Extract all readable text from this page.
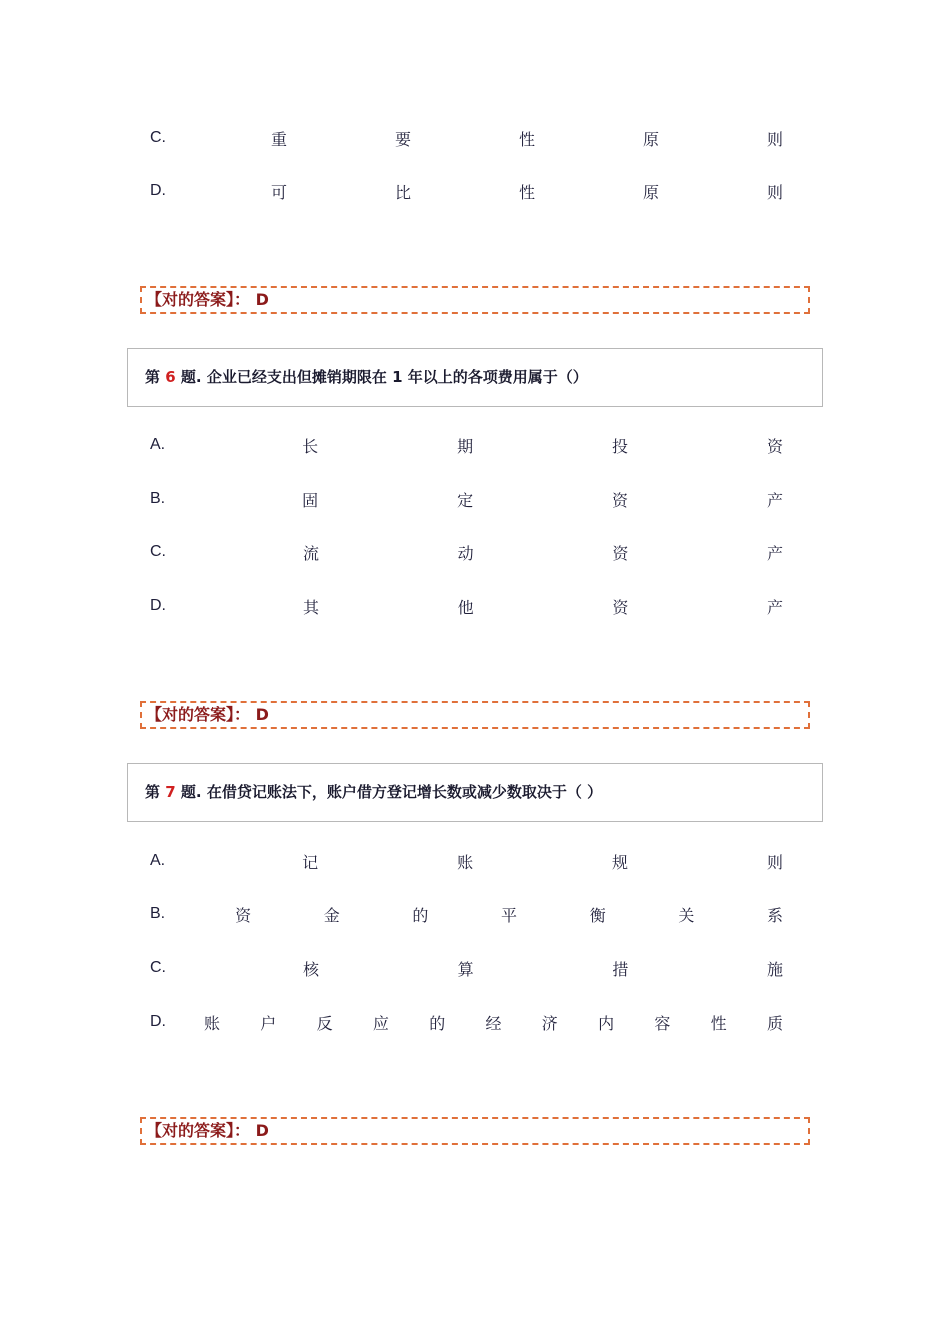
C.	重	要	性	原	则
D.	可	比	性	原	则
【对的答案】： D
第 6 题. 企业已经支出但摊销期限在 1 年以上的各项费用属于（）
A.	长	期	投	资
B.	固	定	资	产
C.	流	动	资	产
D.	其	他	资	产
【对的答案】： D
第 7 题. 在借贷记账法下，账户借方登记增长数或减少数取决于（ ）
A.	记	账	规	则
B.	资	金	的	平	衡	关	系
C.	核	算	措	施
D. 账	户	反	应	的	经	济	内	容	性	质
【对的答案】： D
